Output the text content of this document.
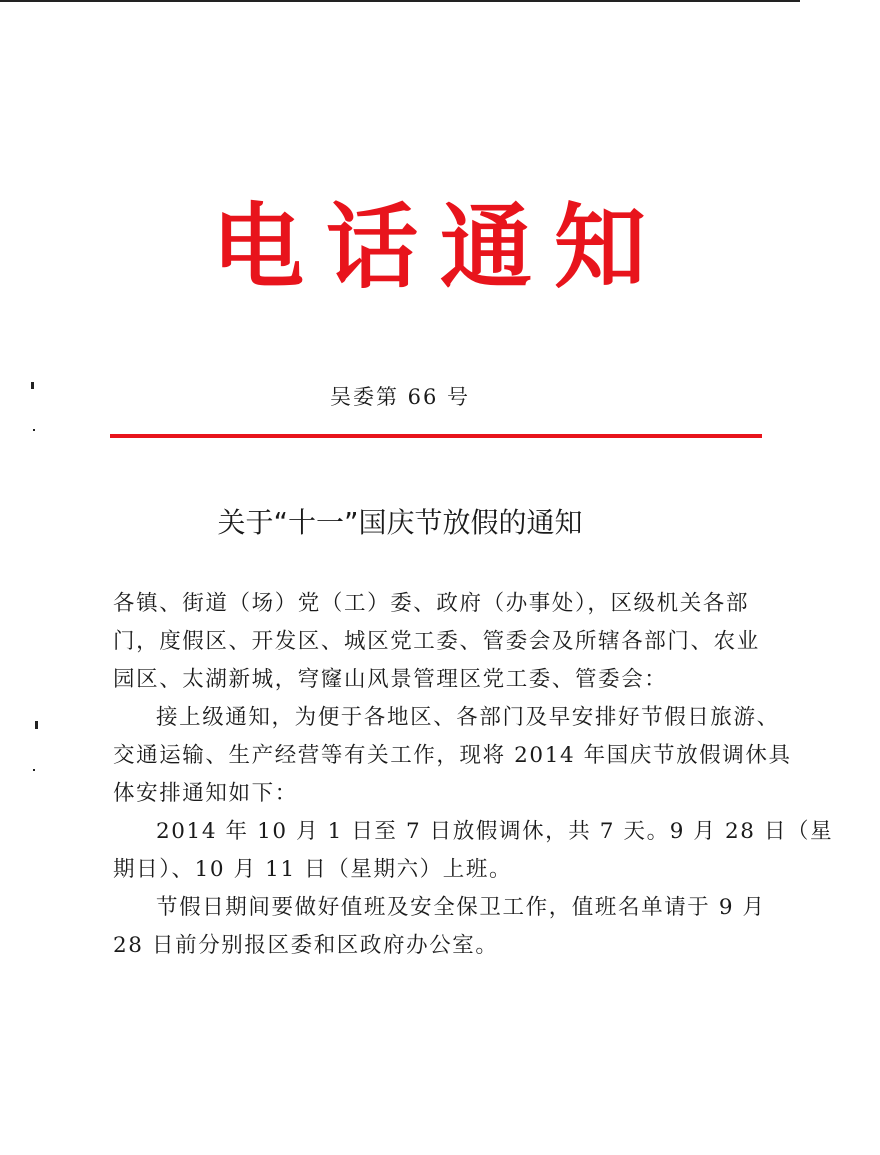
电话通知
吴委第 66 号
关于“十一”国庆节放假的通知
各镇、街道（场）党（工）委、政府（办事处），区级机关各部
门，度假区、开发区、城区党工委、管委会及所辖各部门、农业
园区、太湖新城，穹窿山风景管理区党工委、管委会：
接上级通知，为便于各地区、各部门及早安排好节假日旅游、
交通运输、生产经营等有关工作，现将 2014 年国庆节放假调休具
体安排通知如下：
2014 年 10 月 1 日至 7 日放假调休，共 7 天。9 月 28 日（星
期日）、10 月 11 日（星期六）上班。
节假日期间要做好值班及安全保卫工作，值班名单请于 9 月
28 日前分别报区委和区政府办公室。
